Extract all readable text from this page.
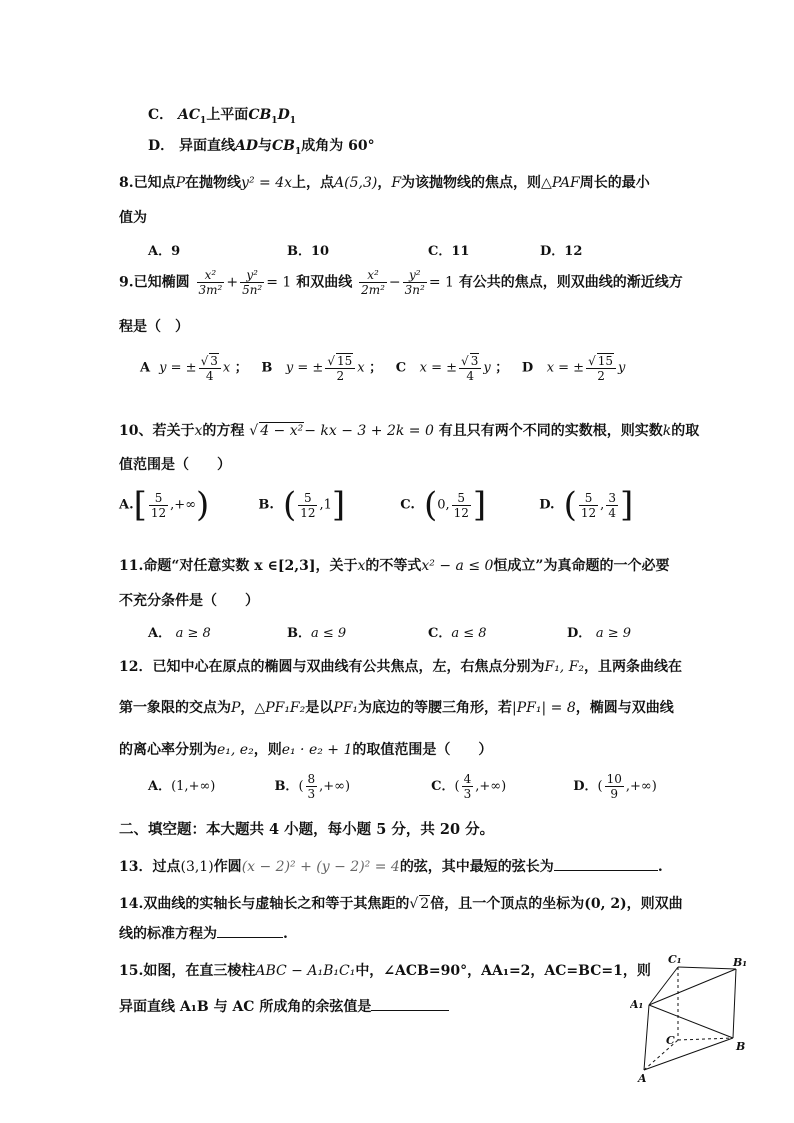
C． $AC_1$上平面$CB_1D_1$
D． 异面直线AD与$CB_1$成角为 60°
8.已知点P在抛物线y² = 4x上，点A(5,3)，F为该抛物线的焦点，则△PAF周长的最小
值为
A．9	B．10	C．11	D．12
9.已知椭圆 $\frac{\text{x²}}{\text{3m²}} + \frac{\text{y²}}{\text{5n²}} = 1$ 和双曲线 $\frac{\text{x²}}{\text{2m²}} - \frac{\text{y²}}{\text{3n²}} = 1$ 有公共的焦点，则双曲线的渐近线方
程是（　）
A y = ± $\frac{√ 3}{4}$ x ； B y = ± $\frac{√ 15}{2}$ x ； C x = ± $\frac{√ 3}{4}$ y ； D x = ± $\frac{√ 15}{2}$ y
10、若关于x的方程 √ 4 − x²− kx − 3 + 2k = 0 有且只有两个不同的实数根，则实数k的取
值范围是（　　）
$A.[ \frac{5}{12}$ ,+∞)	B. ( $\frac{5}{12} ,1$]	C. (0, $\frac{5}{12}$ ]	D. ( $\frac{5}{12}$ , $\frac{3}{4}$ ]
11.命题“对任意实数 x ∈[2,3]，关于x的不等式x² − a ≤ 0恒成立”为真命题的一个必要
不充分条件是（　　）
A． a ≥ 8	B．a ≤ 9	C．a ≤ 8	D． a ≥ 9
12．已知中心在原点的椭圆与双曲线有公共焦点，左，右焦点分别为F₁, F₂，且两条曲线在
第一象限的交点为P，△PF₁F₂是以PF₁为底边的等腰三角形，若|PF₁| = 8，椭圆与双曲线
的离心率分别为e₁, e₂，则e₁ · e₂ + 1的取值范围是（　　）
A．(1,+∞)	B．( $\frac{8}{3}$ ,+∞)	C．( $\frac{4}{3}$ ,+∞)	D．( $\frac{10}{9}$ ,+∞)
二、填空题：本大题共 4 小题，每小题 5 分，共 20 分。
13．过点(3,1)作圆(x − 2)² + (y − 2)² = 4的弦，其中最短的弦长为	.
14.双曲线的实轴长与虚轴长之和等于其焦距的√ 2倍，且一个顶点的坐标为(0, 2)，则双曲
线的标准方程为	.
15.如图，在直三棱柱ABC − A₁B₁C₁中，∠ACB=90°，AA₁=2，AC=BC=1，则
异面直线 A₁B 与 AC 所成角的余弦值是
C₁	B₁
A₁
C	B
A
